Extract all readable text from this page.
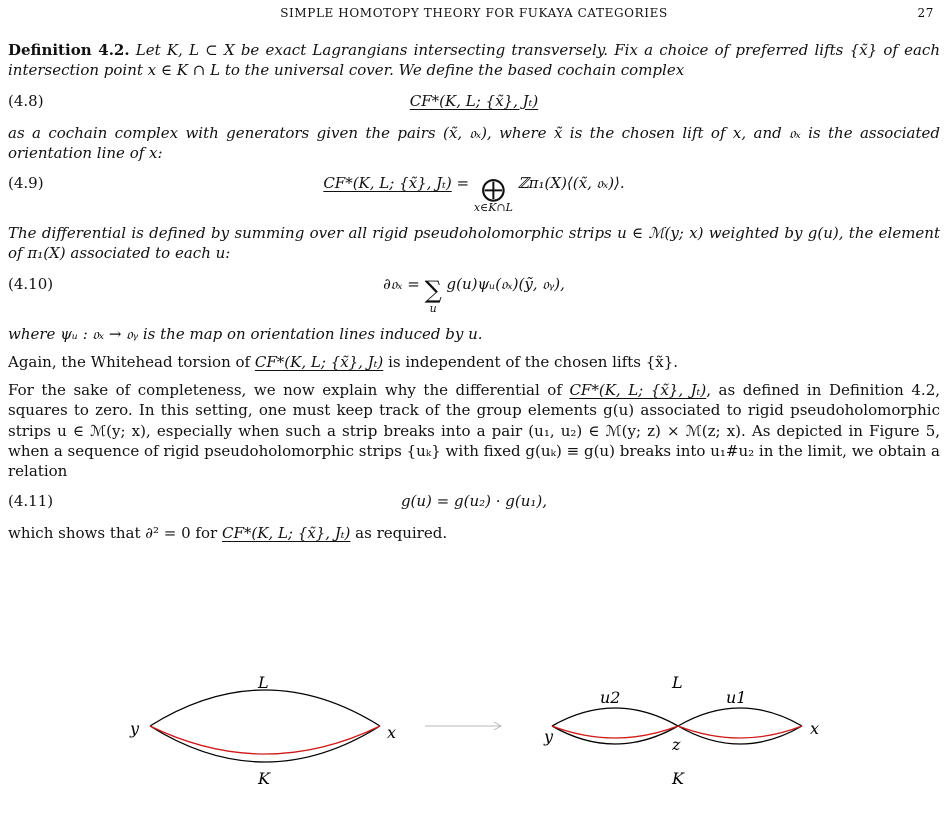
SIMPLE HOMOTOPY THEORY FOR FUKAYA CATEGORIES	27

Definition 4.2. Let K, L ⊂ X be exact Lagrangians intersecting transversely. Fix a choice of preferred lifts {x̃} of each intersection point x ∈ K ∩ L to the universal cover. We define the based cochain complex

(4.8)	CF*(K, L; {x̃}, Jₜ)

as a cochain complex with generators given the pairs (x̃, 𝔬ₓ), where x̃ is the chosen lift of x, and 𝔬ₓ is the associated orientation line of x:

(4.9)	CF*(K, L; {x̃}, Jₜ) = ⨁
x∈K∩L
ℤπ₁(X)⟨(x̃, 𝔬ₓ)⟩.

The differential is defined by summing over all rigid pseudoholomorphic strips u ∈ ℳ(y; x) weighted by g(u), the element of π₁(X) associated to each u:

(4.10)	∂𝔬ₓ = ∑
u
g(u)ψᵤ(𝔬ₓ)(ỹ, 𝔬ᵧ),

where ψᵤ : 𝔬ₓ → 𝔬ᵧ is the map on orientation lines induced by u.

Again, the Whitehead torsion of CF*(K, L; {x̃}, Jₜ) is independent of the chosen lifts {x̃}.

For the sake of completeness, we now explain why the differential of CF*(K, L; {x̃}, Jₜ), as defined in Definition 4.2, squares to zero. In this setting, one must keep track of the group elements g(u) associated to rigid pseudoholomorphic strips u ∈ ℳ(y; x), especially when such a strip breaks into a pair (u₁, u₂) ∈ ℳ(y; z) × ℳ(z; x). As depicted in Figure 5, when a sequence of rigid pseudoholomorphic strips {uₖ} with fixed g(uₖ) ≡ g(u) breaks into u₁#u₂ in the limit, we obtain a relation

(4.11)	g(u) = g(u₂) · g(u₁),

which shows that ∂² = 0 for CF*(K, L; {x̃}, Jₜ) as required.

L
K
y	x
L
K
y	x
z
u2	u1
